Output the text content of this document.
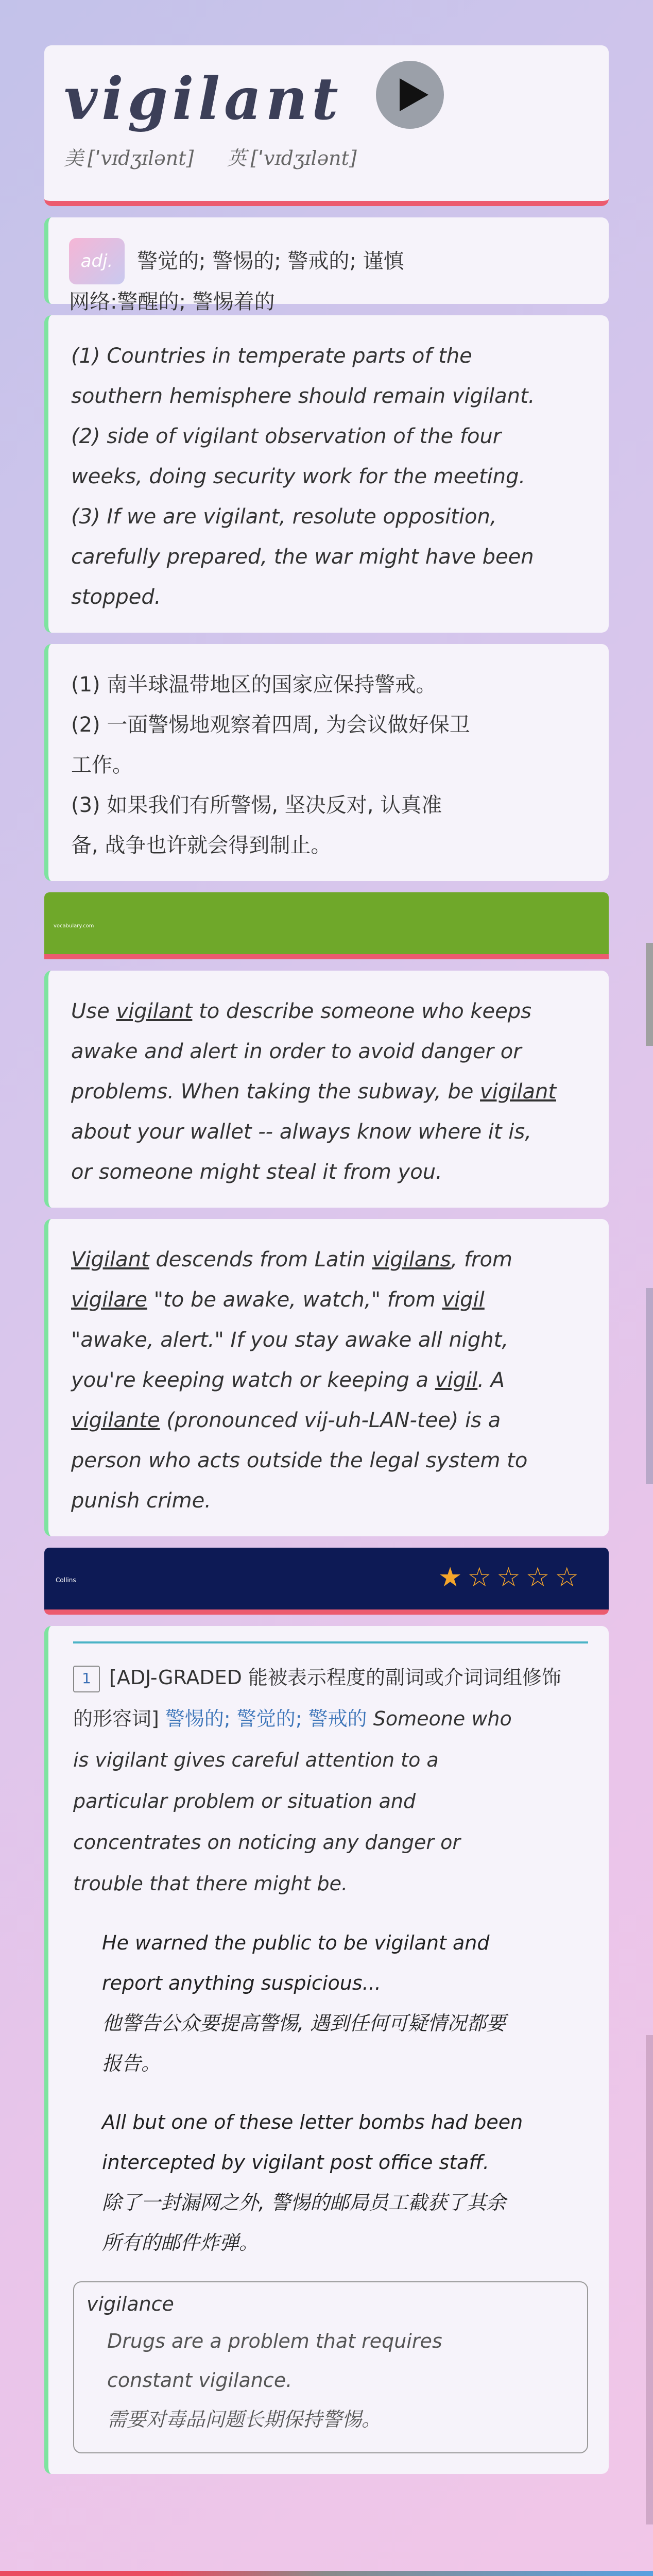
vigilant
美 [ˈvɪdʒɪlənt] 英 [ˈvɪdʒɪlənt]
adj. 警觉的; 警惕的; 警戒的; 谨慎
网络:警醒的; 警惕着的

(1) Countries in temperate parts of the

southern hemisphere should remain vigilant.

(2) side of vigilant observation of the four

weeks, doing security work for the meeting.

(3) If we are vigilant, resolute opposition,

carefully prepared, the war might have been

stopped.

(1) 南半球温带地区的国家应保持警戒。

(2) 一面警惕地观察着四周, 为会议做好保卫

工作。

(3) 如果我们有所警惕, 坚决反对, 认真准

备, 战争也许就会得到制止。

vocabulary.com

Use vigilant to describe someone who keeps

awake and alert in order to avoid danger or

problems. When taking the subway, be vigilant

about your wallet -- always know where it is,

or someone might steal it from you.

Vigilant descends from Latin vigilans, from

vigilare "to be awake, watch," from vigil

"awake, alert." If you stay awake all night,

you're keeping watch or keeping a vigil. A

vigilante (pronounced vij-uh-LAN-tee) is a

person who acts outside the legal system to

punish crime.

Collins	★☆☆☆☆
1 [ADJ-GRADED 能被表示程度的副词或介词词组修饰
的形容词] 警惕的; 警觉的; 警戒的 Someone who
is vigilant gives careful attention to a
particular problem or situation and
concentrates on noticing any danger or
trouble that there might be.
He warned the public to be vigilant and
report anything suspicious...
他警告公众要提高警惕, 遇到任何可疑情况都要
报告。
All but one of these letter bombs had been
intercepted by vigilant post office staff.
除了一封漏网之外, 警惕的邮局员工截获了其余
所有的邮件炸弹。
vigilance
Drugs are a problem that requires
constant vigilance.
需要对毒品问题长期保持警惕。
